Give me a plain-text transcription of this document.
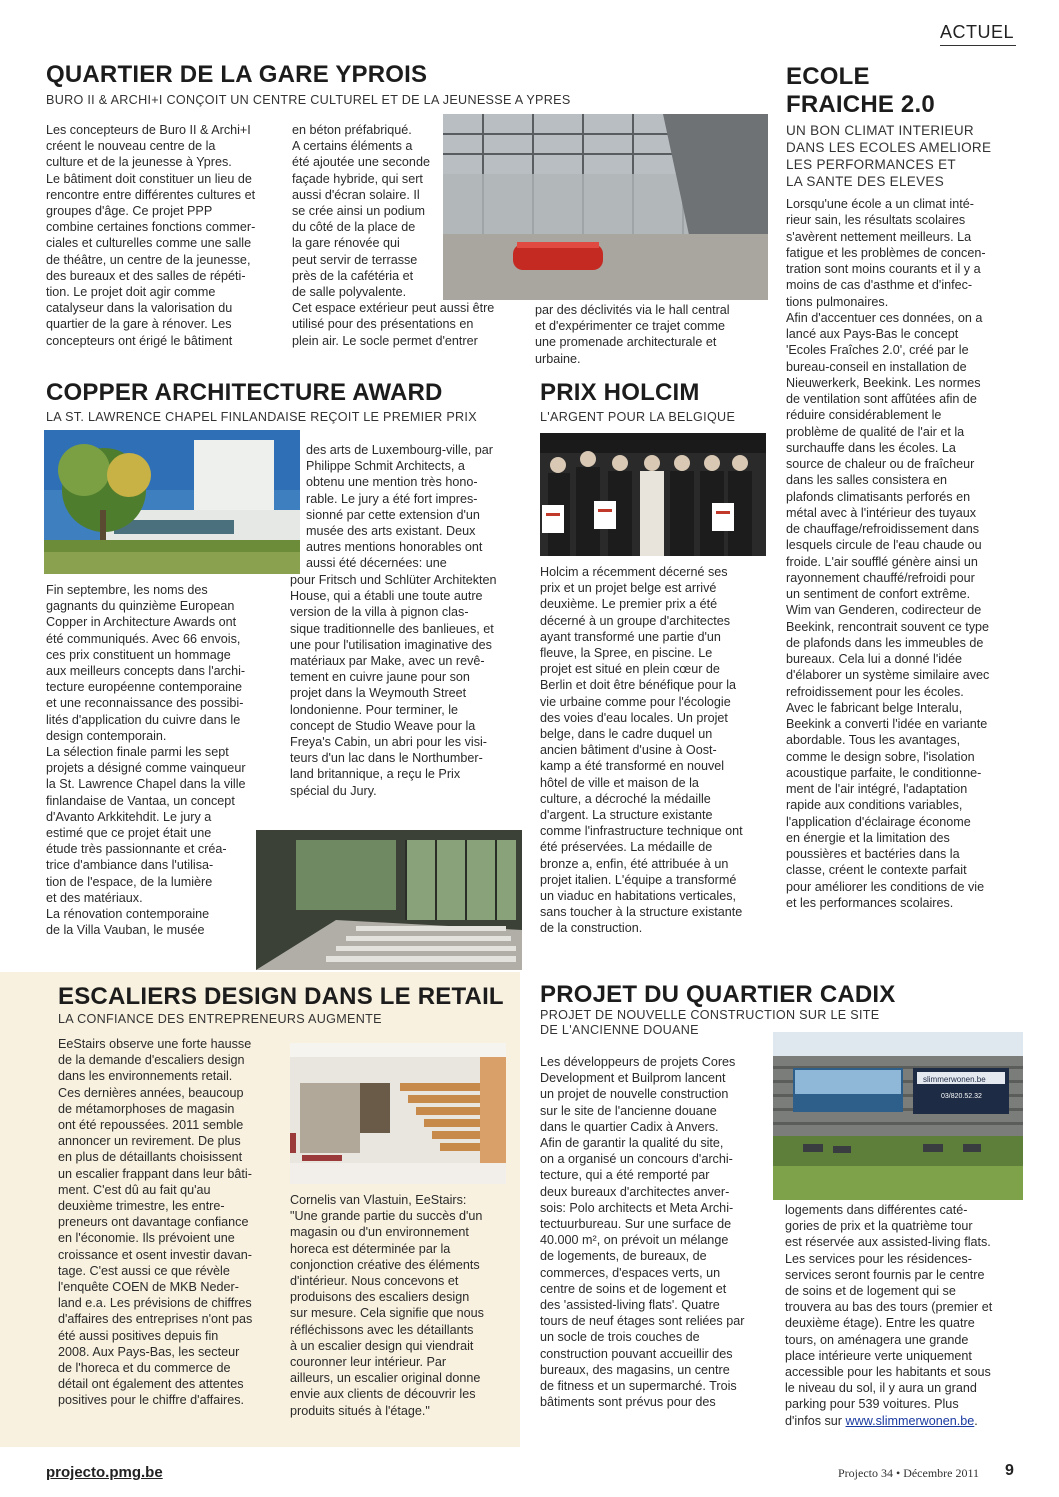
ACTUEL
QUARTIER DE LA GARE YPROIS
BURO II & ARCHI+I CONÇOIT UN CENTRE CULTUREL ET DE LA JEUNESSE A YPRES
Les concepteurs de Buro II & Archi+I
créent le nouveau centre de la
culture et de la jeunesse à Ypres.
Le bâtiment doit constituer un lieu de
rencontre entre différentes cultures et
groupes d'âge. Ce projet PPP
combine certaines fonctions commer-
ciales et culturelles comme une salle
de théâtre, un centre de la jeunesse,
des bureaux et des salles de répéti-
tion. Le projet doit agir comme
catalyseur dans la valorisation du
quartier de la gare à rénover. Les
concepteurs ont érigé le bâtiment
en béton préfabriqué.
A certains éléments a
été ajoutée une seconde
façade hybride, qui sert
aussi d'écran solaire. Il
se crée ainsi un podium
du côté de la place de
la gare rénovée qui
peut servir de terrasse
près de la cafétéria et
de salle polyvalente.
Cet espace extérieur peut aussi être
utilisé pour des présentations en
plein air. Le socle permet d'entrer
par des déclivités via le hall central
et d'expérimenter ce trajet comme
une promenade architecturale et
urbaine.
ECOLE
FRAICHE 2.0
UN BON CLIMAT INTERIEUR
DANS LES ECOLES AMELIORE
LES PERFORMANCES ET
LA SANTE DES ELEVES
Lorsqu'une école a un climat inté-
rieur sain, les résultats scolaires
s'avèrent nettement meilleurs. La
fatigue et les problèmes de concen-
tration sont moins courants et il y a
moins de cas d'asthme et d'infec-
tions pulmonaires.
Afin d'accentuer ces données, on a
lancé aux Pays-Bas le concept
'Ecoles Fraîches 2.0', créé par le
bureau-conseil en installation de
Nieuwerkerk, Beekink. Les normes
de ventilation sont affûtées afin de
réduire considérablement le
problème de qualité de l'air et la
surchauffe dans les écoles. La
source de chaleur ou de fraîcheur
dans les salles consistera en
plafonds climatisants perforés en
métal avec à l'intérieur des tuyaux
de chauffage/refroidissement dans
lesquels circule de l'eau chaude ou
froide. L'air soufflé génère ainsi un
rayonnement chauffé/refroidi pour
un sentiment de confort extrême.
Wim van Genderen, codirecteur de
Beekink, rencontrait souvent ce type
de plafonds dans les immeubles de
bureaux. Cela lui a donné l'idée
d'élaborer un système similaire avec
refroidissement pour les écoles.
Avec le fabricant belge Interalu,
Beekink a converti l'idée en variante
abordable. Tous les avantages,
comme le design sobre, l'isolation
acoustique parfaite, le conditionne-
ment de l'air intégré, l'adaptation
rapide aux conditions variables,
l'application d'éclairage économe
en énergie et la limitation des
poussières et bactéries dans la
classe, créent le contexte parfait
pour améliorer les conditions de vie
et les performances scolaires.
COPPER ARCHITECTURE AWARD
LA ST. LAWRENCE CHAPEL FINLANDAISE REÇOIT LE PREMIER PRIX
des arts de Luxembourg-ville, par
Philippe Schmit Architects, a
obtenu une mention très hono-
rable. Le jury a été fort impres-
sionné par cette extension d'un
musée des arts existant. Deux
autres mentions honorables ont
aussi été décernées: une
Fin septembre, les noms des
gagnants du quinzième European
Copper in Architecture Awards ont
été communiqués. Avec 66 envois,
ces prix constituent un hommage
aux meilleurs concepts dans l'archi-
tecture européenne contemporaine
et une reconnaissance des possibi-
lités d'application du cuivre dans le
design contemporain.
La sélection finale parmi les sept
projets a désigné comme vainqueur
la St. Lawrence Chapel dans la ville
finlandaise de Vantaa, un concept
d'Avanto Arkkitehdit. Le jury a
estimé que ce projet était une
étude très passionnante et créa-
trice d'ambiance dans l'utilisa-
tion de l'espace, de la lumière
et des matériaux.
La rénovation contemporaine
de la Villa Vauban, le musée
pour Fritsch und Schlüter Architekten
House, qui a établi une toute autre
version de la villa à pignon clas-
sique traditionnelle des banlieues, et
une pour l'utilisation imaginative des
matériaux par Make, avec un revê-
tement en cuivre jaune pour son
projet dans la Weymouth Street
londonienne. Pour terminer, le
concept de Studio Weave pour la
Freya's Cabin, un abri pour les visi-
teurs d'un lac dans le Northumber-
land britannique, a reçu le Prix
spécial du Jury.
PRIX HOLCIM
L'ARGENT POUR LA BELGIQUE
Holcim a récemment décerné ses
prix et un projet belge est arrivé
deuxième. Le premier prix a été
décerné à un groupe d'architectes
ayant transformé une partie d'un
fleuve, la Spree, en piscine. Le
projet est situé en plein cœur de
Berlin et doit être bénéfique pour la
vie urbaine comme pour l'écologie
des voies d'eau locales. Un projet
belge, dans le cadre duquel un
ancien bâtiment d'usine à Oost-
kamp a été transformé en nouvel
hôtel de ville et maison de la
culture, a décroché la médaille
d'argent. La structure existante
comme l'infrastructure technique ont
été préservées. La médaille de
bronze a, enfin, été attribuée à un
projet italien. L'équipe a transformé
un viaduc en habitations verticales,
sans toucher à la structure existante
de la construction.
ESCALIERS DESIGN DANS LE RETAIL
LA CONFIANCE DES ENTREPRENEURS AUGMENTE
EeStairs observe une forte hausse
de la demande d'escaliers design
dans les environnements retail.
Ces dernières années, beaucoup
de métamorphoses de magasin
ont été repoussées. 2011 semble
annoncer un revirement. De plus
en plus de détaillants choisissent
un escalier frappant dans leur bâti-
ment. C'est dû au fait qu'au
deuxième trimestre, les entre-
preneurs ont davantage confiance
en l'économie. Ils prévoient une
croissance et osent investir davan-
tage. C'est aussi ce que révèle
l'enquête COEN de MKB Neder-
land e.a. Les prévisions de chiffres
d'affaires des entreprises n'ont pas
été aussi positives depuis fin
2008. Aux Pays-Bas, les secteur
de l'horeca et du commerce de
détail ont également des attentes
positives pour le chiffre d'affaires.
Cornelis van Vlastuin, EeStairs:
"Une grande partie du succès d'un
magasin ou d'un environnement
horeca est déterminée par la
conjonction créative des éléments
d'intérieur. Nous concevons et
produisons des escaliers design
sur mesure. Cela signifie que nous
réfléchissons avec les détaillants
à un escalier design qui viendrait
couronner leur intérieur. Par
ailleurs, un escalier original donne
envie aux clients de découvrir les
produits situés à l'étage."
PROJET DU QUARTIER CADIX
PROJET DE NOUVELLE CONSTRUCTION SUR LE SITE
DE L'ANCIENNE DOUANE
Les développeurs de projets Cores
Development et Builprom lancent
un projet de nouvelle construction
sur le site de l'ancienne douane
dans le quartier Cadix à Anvers.
Afin de garantir la qualité du site,
on a organisé un concours d'archi-
tecture, qui a été remporté par
deux bureaux d'architectes anver-
sois: Polo architects et Meta Archi-
tectuurbureau. Sur une surface de
40.000 m², on prévoit un mélange
de logements, de bureaux, de
commerces, d'espaces verts, un
centre de soins et de logement et
des 'assisted-living flats'. Quatre
tours de neuf étages sont reliées par
un socle de trois couches de
construction pouvant accueillir des
bureaux, des magasins, un centre
de fitness et un supermarché. Trois
bâtiments sont prévus pour des
slimmerwonen.be
03/820.52.32
logements dans différentes caté-
gories de prix et la quatrième tour
est réservée aux assisted-living flats.
Les services pour les résidences-
services seront fournis par le centre
de soins et de logement qui se
trouvera au bas des tours (premier et
deuxième étage). Entre les quatre
tours, on aménagera une grande
place intérieure verte uniquement
accessible pour les habitants et sous
le niveau du sol, il y aura un grand
parking pour 539 voitures. Plus
d'infos sur www.slimmerwonen.be.
projecto.pmg.be	Projecto 34 • Décembre 2011 9
